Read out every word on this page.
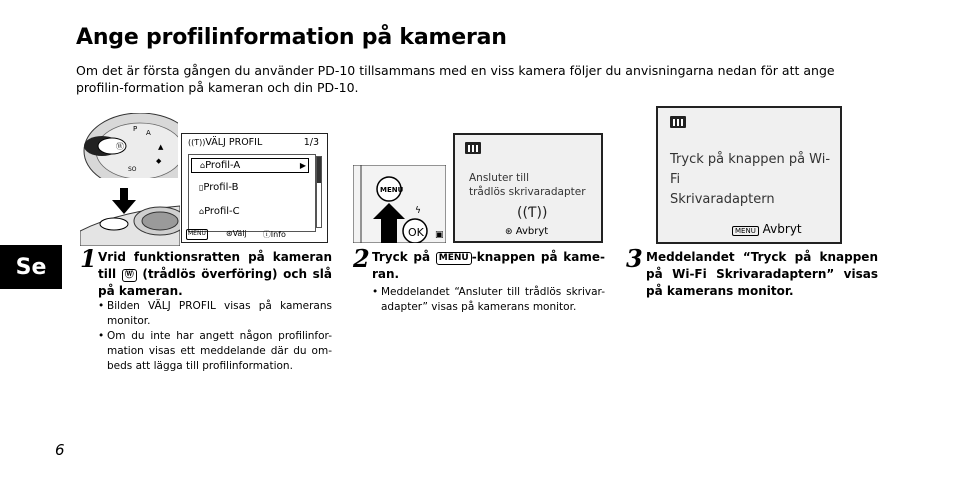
Ange profilinformation på kameran
Om det är första gången du använder PD-10 tillsammans med en viss kamera följer du anvisningarna nedan för att ange profilin-formation på kameran och din PD-10.
Se
6
Ⓦ
P A
▲
◆
SO
((Ƭ))VÄLJ PROFIL	1/3
⌂Profil-A	▶
▯Profil-B
⌂Profil-C
MENU	⊛Välj ⓘInfo
MENU
OK
ϟ
▣
Ansluter till
trådlös skrivaradapter
((Ƭ))
⊛ Avbryt
Tryck på knappen på Wi-Fi
Skrivaradaptern
MENU Avbryt
1 Vrid funktionsratten på kameran till Ⓦ (trådlös överföring) och slå på kameran.
• Bilden VÄLJ PROFIL visas på kamerans monitor.
• Om du inte har angett någon profilinfor-mation visas ett meddelande där du om-beds att lägga till profilinformation.
2 Tryck på MENU -knappen på kame-ran.
• Meddelandet “Ansluter till trådlös skrivar-adapter” visas på kamerans monitor.
3 Meddelandet “Tryck på knappen på Wi-Fi Skrivaradaptern” visas på kamerans monitor.
